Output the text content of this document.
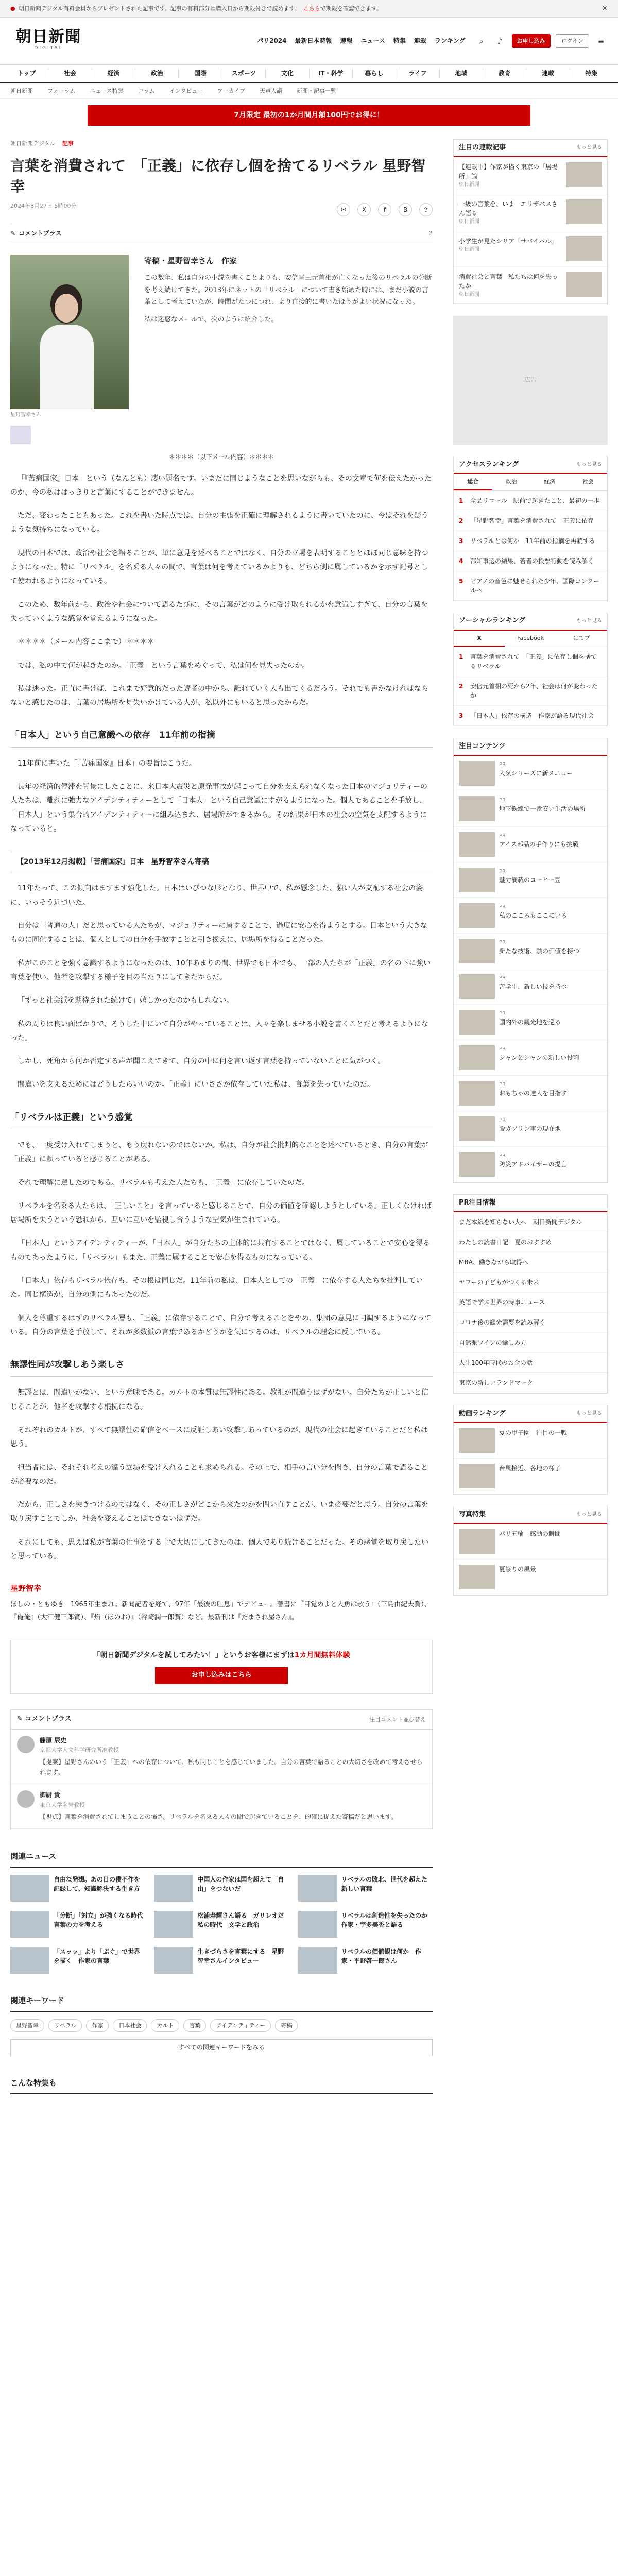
● 朝日新聞デジタル有料会員からプレゼントされた記事です。記事の有料部分は購入日から期限付きで読めます。 こちら で期限を確認できます。	×
朝日新聞
DIGITAL
パリ2024 最新日本時報 速報 ニュース 特集 連載 ランキング	⌕	♪	お申し込み	ログイン	≡
トップ	社会	経済	政治	国際	スポーツ	文化	IT・科学	暮らし	ライフ	地域	教育	連載	特集
朝日新聞	フォーラム	ニュース特集	コラム	インタビュー	アーカイブ	天声人語	新聞・記事一覧
7月限定 最初の1か月間月額100円でお得に！
朝日新聞デジタル 記事
言葉を消費されて　「正義」に依存し個を捨てるリベラル 星野智幸
2024年8月27日 5時00分
✉	X	f	B	⇪
✎ コメントプラス	2
星野智幸さん
寄稿・星野智幸さん　作家

この数年、私は自分の小説を書くことよりも、安倍晋三元首相が亡くなった後のリベラルの分断を考え続けてきた。2013年にネットの「リベラル」について書き始めた時には、まだ小説の言葉として考えていたが、時間がたつにつれ、より直接的に書いたほうがよい状況になった。

私は迷惑なメールで、次のように紹介した。

＊＊＊＊（以下メール内容）＊＊＊＊

「『苦痛国家』日本」という（なんとも）凄い題名です。いまだに同じようなことを思いながらも、その文章で何を伝えたかったのか、今の私ははっきりと言葉にすることができません。

ただ、変わったこともあった。これを書いた時点では、自分の主張を正確に理解されるように書いていたのに、今はそれを疑うような気持ちになっている。

現代の日本では、政治や社会を語ることが、単に意見を述べることではなく、自分の立場を表明することとほぼ同じ意味を持つようになった。特に「リベラル」を名乗る人々の間で、言葉は何を考えているかよりも、どちら側に属しているかを示す記号として使われるようになっている。

このため、数年前から、政治や社会について語るたびに、その言葉がどのように受け取られるかを意識しすぎて、自分の言葉を失っていくような感覚を覚えるようになった。

＊＊＊＊（メール内容ここまで）＊＊＊＊

では、私の中で何が起きたのか。「正義」という言葉をめぐって、私は何を見失ったのか。

私は迷った。正直に書けば、これまで好意的だった読者の中から、離れていく人も出てくるだろう。それでも書かなければならないと感じたのは、言葉の居場所を見失いかけている人が、私以外にもいると思ったからだ。

「日本人」という自己意識への依存　11年前の指摘

11年前に書いた「『苦痛国家』日本」の要旨はこうだ。

長年の経済的停滞を背景にしたことに、来日本大震災と原発事故が起こって自分を支えられなくなった日本のマジョリティーの人たちは、離れに強力なアイデンティティーとして「日本人」という自己意識にすがるようになった。個人であることを手放し、「日本人」という集合的アイデンティティーに組み込まれ、居場所ができるから。その結果が日本の社会の空気を支配するようになっていると。

【2013年12月掲載】「苦痛国家」日本　星野智幸さん寄稿

11年たって、この傾向はますます強化した。日本はいびつな形となり、世界中で、私が懸念した、強い人が支配する社会の姿に、いっそう近づいた。

自分は「普通の人」だと思っている人たちが、マジョリティーに属することで、過度に安心を得ようとする。日本という大きなものに同化することは、個人としての自分を手放すことと引き換えに、居場所を得ることだった。

私がこのことを強く意識するようになったのは、10年あまりの間、世界でも日本でも、一部の人たちが「正義」の名の下に強い言葉を使い、他者を攻撃する様子を目の当たりにしてきたからだ。

「ずっと社会派を期待された続けて」嬉しかったのかもしれない。

私の周りは良い面ばかりで、そうした中にいて自分がやっていることは、人々を楽しませる小説を書くことだと考えるようになった。

しかし、死角から何か否定する声が聞こえてきて、自分の中に何を言い返す言葉を持っていないことに気がつく。

間違いを支えるためにはどうしたらいいのか。「正義」にいささか依存していた私は、言葉を失っていたのだ。

「リベラルは正義」という感覚

でも、一度受け入れてしまうと、もう戻れないのではないか。私は、自分が社会批判的なことを述べているとき、自分の言葉が「正義」に頼っていると感じることがある。

それで理解に達したのである。リベラルも考えた人たちも、「正義」に依存していたのだ。

リベラルを名乗る人たちは、「正しいこと」を言っていると感じることで、自分の価値を確認しようとしている。正しくなければ居場所を失うという恐れから、互いに互いを監視し合うような空気が生まれている。

「日本人」というアイデンティティーが、「日本人」が自分たちの主体的に共有することではなく、属していることで安心を得るものであったように、「リベラル」もまた、正義に属することで安心を得るものになっている。

「日本人」依存もリベラル依存も、その根は同じだ。11年前の私は、日本人としての「正義」に依存する人たちを批判していた。同じ構造が、自分の側にもあったのだ。

個人を尊重するはずのリベラル層も、「正義」に依存することで、自分で考えることをやめ、集団の意見に同調するようになっている。自分の言葉を手放して、それが多数派の言葉であるかどうかを気にするのは、リベラルの理念に反している。

無謬性同が攻撃しあう楽しさ

無謬とは、間違いがない、という意味である。カルトの本質は無謬性にある。教祖が間違うはずがない。自分たちが正しいと信じることが、他者を攻撃する根拠になる。

それぞれのカルトが、すべて無謬性の確信をベースに反証しあい攻撃しあっているのが、現代の社会に起きていることだと私は思う。

担当者には、それぞれ考えの違う立場を受け入れることも求められる。その上で、相手の言い分を聞き、自分の言葉で語ることが必要なのだ。

だから、正しさを突きつけるのではなく、その正しさがどこから来たのかを問い直すことが、いま必要だと思う。自分の言葉を取り戻すことでしか、社会を変えることはできないはずだ。

それにしても、思えば私が言葉の仕事をする上で大切にしてきたのは、個人であり続けることだった。その感覚を取り戻したいと思っている。

星野智幸
ほしの・ともゆき　1965年生まれ。新聞記者を経て、97年「最後の吐息」でデビュー。著書に『目覚めよと人魚は歌う』（三島由紀夫賞）、『俺俺』（大江健三郎賞）、『焰（ほのお）』（谷崎潤一郎賞）など。最新刊は『だまされ屋さん』。
「朝日新聞デジタルを試してみたい！」というお客様にまずは1カ月間無料体験
お申し込みはこちら
✎ コメントプラス	注目コメント並び替え
藤原 辰史
京都大学人文科学研究所准教授
【提案】星野さんのいう「正義」への依存について、私も同じことを感じていました。自分の言葉で語ることの大切さを改めて考えさせられます。
御厨 貴
東京大学名誉教授
【視点】言葉を消費されてしまうことの怖さ。リベラルを名乗る人々の間で起きていることを、的確に捉えた寄稿だと思います。
関連ニュース
自由な発想。あの日の僕不作を記録して、知識解決する生き方
中国人の作家は国を超えて「自由」をつないだ
リベラルの敗北、世代を超えた新しい言葉
「分断」「対立」が強くなる時代　言葉の力を考える
松浦寿輝さん語る　ガリレオだ私の時代　文学と政治
リベラルは創造性を失ったのか　作家・宇多美香と語る
「スッッ」より「ぶぐ」で世界を描く　作家の言葉
生きづらさを言葉にする　星野智幸さんインタビュー
リベラルの価値観は何か　作家・平野啓一郎さん
関連キーワード
星野智幸	リベラル	作家	日本社会	カルト	言葉	アイデンティティー	寄稿
すべての関連キーワードをみる
こんな特集も
注目の連載記事	もっと見る
【連載中】作家が描く東京の「居場所」論
朝日新聞
一級の言葉を、いま　エリザベスさん語る
朝日新聞
小学生が見たシリア「サバイバル」
朝日新聞
消費社会と言葉　私たちは何を失ったか
朝日新聞
広告
アクセスランキング	もっと見る
総合	政治	経済	社会
1	全品リコール　駅前で起きたこと、最初の一歩
2	「星野智幸」言葉を消費されて　正義に依存
3	リベラルとは何か　11年前の指摘を再読する
4	都知事選の結果、若者の投票行動を読み解く
5	ピアノの音色に魅せられた少年、国際コンクールへ
ソーシャルランキング	もっと見る
X	Facebook	はてブ
1	言葉を消費されて　「正義」に依存し個を捨てるリベラル
2	安倍元首相の死から2年、社会は何が変わったか
3	「日本人」依存の構造　作家が語る現代社会
注目コンテンツ
PR
人気シリーズに新メニュー
PR
地下鉄線で一番安い生活の場所
PR
アイス部品の手作りにも挑戦
PR
魅力満載のコーヒー豆
PR
私のこころもここにいる
PR
新たな技術、熱の価値を持つ
PR
苦学生、新しい技を持つ
PR
国内外の観光地を巡る
PR
シャンとシャンの新しい役割
PR
おもちゃの達人を目指す
PR
脱ガソリン車の現在地
PR
防災アドバイザーの提言
PR注目情報
まだ本紙を知らない人へ　朝日新聞デジタル
わたしの読書日記　夏のおすすめ
MBA、働きながら取得へ
ヤフーの子どもがつくる未来
英語で学ぶ世界の時事ニュース
コロナ後の観光需要を読み解く
自然派ワインの愉しみ方
人生100年時代のお金の話
東京の新しいランドマーク
動画ランキング	もっと見る
夏の甲子園　注目の一戦
台風接近、各地の様子
写真特集	もっと見る
パリ五輪　感動の瞬間
夏祭りの風景
